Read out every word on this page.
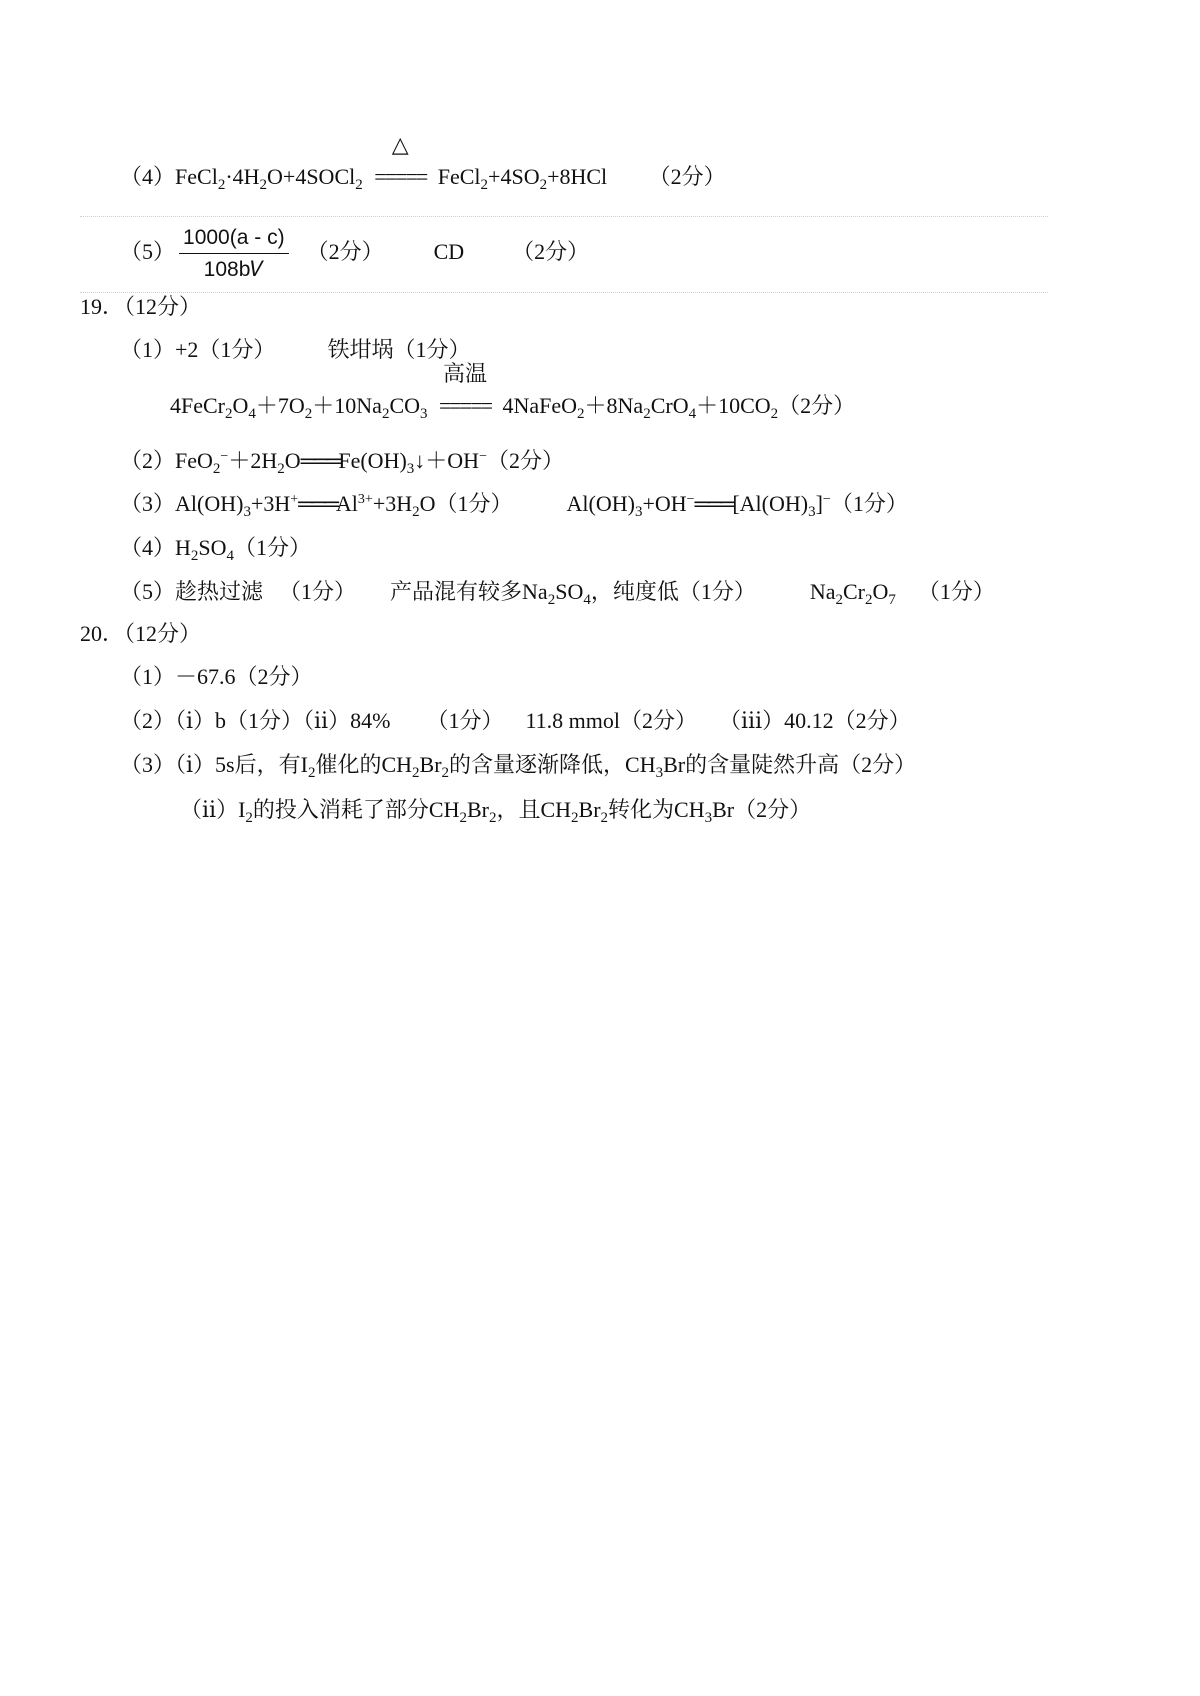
$(4)FeCl_2\cdot 4H_2O+4SOCl_2$
△
===== $FeCl_2+4SO_2+8HCl$ （2分）
$(5) \frac{1000(a - c)}{\text{108b𝑉}} (2$分） CD （2分）
19．（12分）
（1）+2（1分） 铁坩埚（1分）
$4FeCr_2O_4+7O_2+10Na_2CO_3$
高温
===== $4NaFeO_2+8Na_2CrO_4+10CO_2(2$分）
$(2)FeO_2^-+2H_2O═══Fe(OH)_3↓+OH^-(2$分）
$(3)Al(OH)_3+3H^+═══Al^{3+}+3H_2O(1$分） $Al(OH)_3+OH^-═══[Al(OH)_3]^-(1$分）
$(4)H_2SO_4(1$分）
（5）趁热过滤 （1分） 产品混有较多$Na_2SO_4$，纯度低（1分） $Na_2Cr_2O_7$ （1分）
20．（12分）
（1）－67.6（2分）
（2）（ⅰ）b（1分）（ⅱ）84% （1分） 11.8 mmol（2分） （ⅲ）40.12（2分）
（3）（ⅰ）5s后，有$I_2$催化的$CH_2Br_2$的含量逐渐降低，$CH_3Br$的含量陡然升高（2分）
$(ⅱ)I_2$的投入消耗了部分$CH_2Br_2$，且$CH_2Br_2$转化为$CH_3Br(2$分）
